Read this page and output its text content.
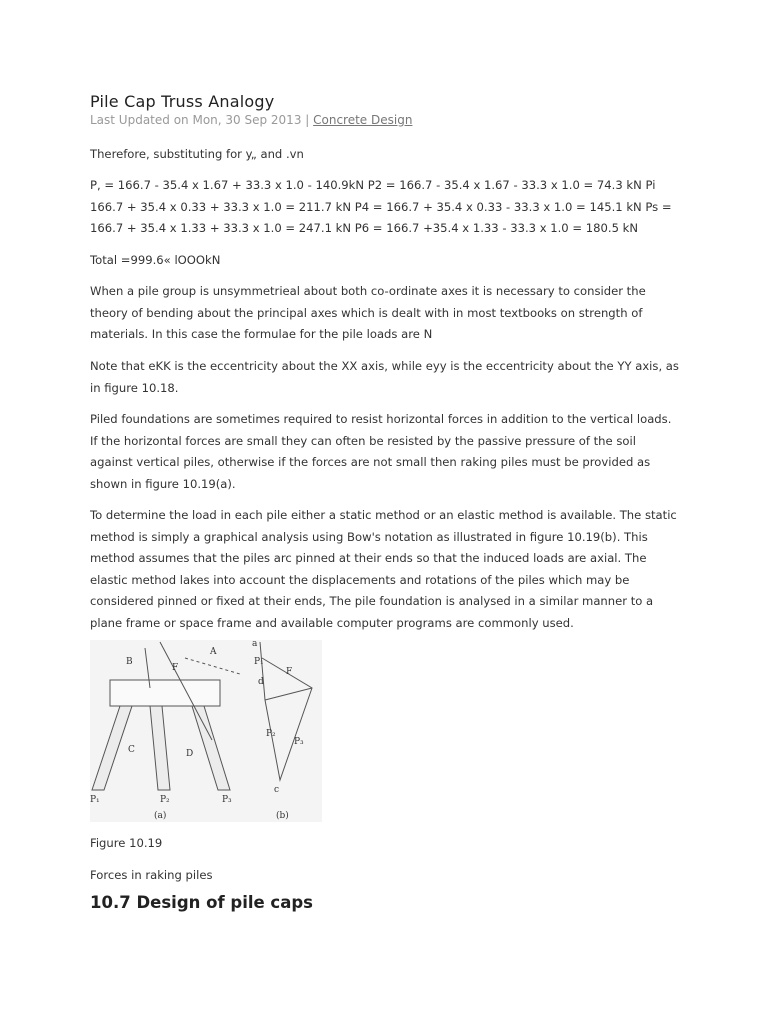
Pile Cap Truss Analogy
Last Updated on Mon, 30 Sep 2013 | Concrete Design

Therefore, substituting for y„ and .vn

P, = 166.7 - 35.4 x 1.67 + 33.3 x 1.0 - 140.9kN P2 = 166.7 - 35.4 x 1.67 - 33.3 x 1.0 = 74.3 kN Pi 166.7 + 35.4 x 0.33 + 33.3 x 1.0 = 211.7 kN P4 = 166.7 + 35.4 x 0.33 - 33.3 x 1.0 = 145.1 kN Ps = 166.7 + 35.4 x 1.33 + 33.3 x 1.0 = 247.1 kN P6 = 166.7 +35.4 x 1.33 - 33.3 x 1.0 = 180.5 kN

Total =999.6« lOOOkN

When a pile group is unsymmetrieal about both co-ordinate axes it is necessary to consider the theory of bending about the principal axes which is dealt with in most textbooks on strength of materials. In this case the formulae for the pile loads are N

Note that eKK is the eccentricity about the XX axis, while eyy is the eccentricity about the YY axis, as in figure 10.18.

Piled foundations are sometimes required to resist horizontal forces in addition to the vertical loads. If the horizontal forces are small they can often be resisted by the passive pressure of the soil against vertical piles, otherwise if the forces are not small then raking piles must be provided as shown in figure 10.19(a).

To determine the load in each pile either a static method or an elastic method is available. The static method is simply a graphical analysis using Bow's notation as illustrated in figure 10.19(b). This method assumes that the piles arc pinned at their ends so that the induced loads are axial. The elastic method lakes into account the displacements and rotations of the piles which may be considered pinned or fixed at their ends, The pile foundation is analysed in a similar manner to a plane frame or space frame and available computer programs are commonly used.

A
B
F
C	D
P₁	P₂	P₃
(a)
a
P₁
F
d
P₂
P₃
c
(b)

Figure 10.19

Forces in raking piles

10.7 Design of pile caps
